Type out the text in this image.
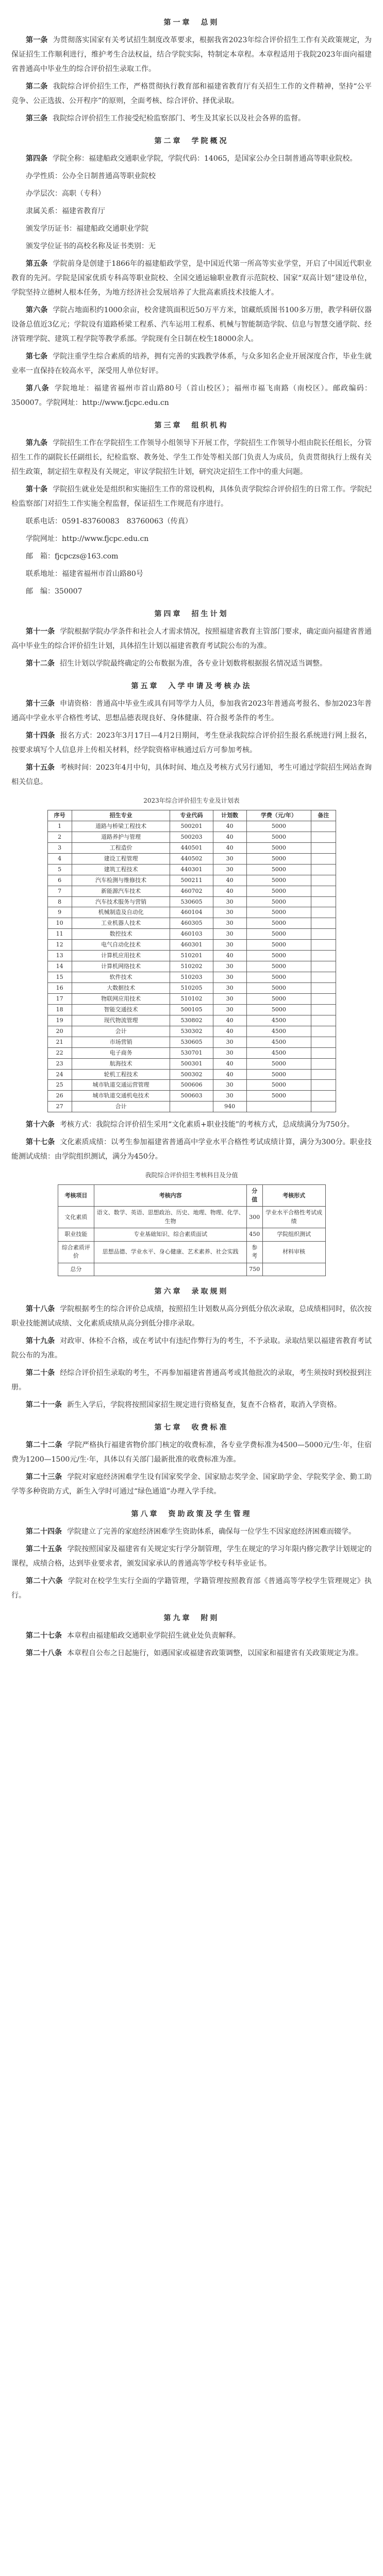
第一章 总则

第一条 为贯彻落实国家有关考试招生制度改革要求，根据我省2023年综合评价招生工作有关政策规定，为保证招生工作顺利进行，维护考生合法权益，结合学院实际，特制定本章程。本章程适用于我院2023年面向福建省普通高中毕业生的综合评价招生录取工作。

第二条 我院综合评价招生工作，严格贯彻执行教育部和福建省教育厅有关招生工作的文件精神，坚持“公平竞争、公正选拔、公开程序”的原则，全面考核、综合评价、择优录取。

第三条 我院综合评价招生工作接受纪检监察部门、考生及其家长以及社会各界的监督。

第二章 学院概况

第四条 学院全称：福建船政交通职业学院，学院代码：14065，是国家公办全日制普通高等职业院校。

办学性质：公办全日制普通高等职业院校

办学层次：高职（专科）

隶属关系：福建省教育厅

颁发学历证书：福建船政交通职业学院

颁发学位证书的高校名称及证书类别：无

第五条 学院前身是创建于1866年的福建船政学堂，是中国近代第一所高等实业学堂，开启了中国近代职业教育的先河。学院是国家优质专科高等职业院校、全国交通运输职业教育示范院校、国家“双高计划”建设单位，学院坚持立德树人根本任务，为地方经济社会发展培养了大批高素质技术技能人才。

第六条 学院占地面积约1000余亩，校舍建筑面积近50万平方米，馆藏纸质图书100多万册，教学科研仪器设备总值近3亿元；学院设有道路桥梁工程系、汽车运用工程系、机械与智能制造学院、信息与智慧交通学院、经济管理学院、建筑工程学院等教学系部。学院现有全日制在校生18000余人。

第七条 学院注重学生综合素质的培养，拥有完善的实践教学体系，与众多知名企业开展深度合作，毕业生就业率一直保持在较高水平，深受用人单位好评。

第八条 学院地址：福建省福州市首山路80号（首山校区）；福州市福飞南路（南校区）。邮政编码：350007。学院网址：http://www.fjcpc.edu.cn

第三章 组织机构

第九条 学院招生工作在学院招生工作领导小组领导下开展工作，学院招生工作领导小组由院长任组长，分管招生工作的副院长任副组长，纪检监察、教务处、学生工作处等相关部门负责人为成员，负责贯彻执行上级有关招生政策，制定招生章程及有关规定，审议学院招生计划，研究决定招生工作中的重大问题。

第十条 学院招生就业处是组织和实施招生工作的常设机构，具体负责学院综合评价招生的日常工作。学院纪检监察部门对招生工作实施全程监督，保证招生工作规范有序进行。

联系电话：0591-83760083　83760063（传真）

学院网址：http://www.fjcpc.edu.cn

邮　箱：fjcpczs@163.com

联系地址：福建省福州市首山路80号

邮　编：350007

第四章 招生计划

第十一条 学院根据学院办学条件和社会人才需求情况，按照福建省教育主管部门要求，确定面向福建省普通高中毕业生的综合评价招生计划，具体招生计划以福建省教育考试院公布的为准。

第十二条 招生计划以学院最终确定的公布数据为准，各专业计划数将根据报名情况适当调整。

第五章 入学申请及考核办法

第十三条 申请资格：普通高中毕业生或具有同等学力人员，参加我省2023年普通高考报名、参加2023年普通高中学业水平合格性考试、思想品德表现良好、身体健康、符合报考条件的考生。

第十四条 报名方式：2023年3月17日—4月2日期间，考生登录我院综合评价招生报名系统进行网上报名，按要求填写个人信息并上传相关材料，经学院资格审核通过后方可参加考核。

第十五条 考核时间：2023年4月中旬，具体时间、地点及考核方式另行通知，考生可通过学院招生网站查询相关信息。

2023年综合评价招生专业及计划表
序号	招生专业	专业代码	计划数	学费（元/年）	备注
1	道路与桥梁工程技术	500201	40	5000	
2	道路养护与管理	500203	40	5000	
3	工程造价	440501	40	5000	
4	建设工程管理	440502	30	5000	
5	建筑工程技术	440301	30	5000	
6	汽车检测与维修技术	500211	40	5000	
7	新能源汽车技术	460702	40	5000	
8	汽车技术服务与营销	530605	30	5000	
9	机械制造及自动化	460104	30	5000	
10	工业机器人技术	460305	30	5000	
11	数控技术	460103	30	5000	
12	电气自动化技术	460301	30	5000	
13	计算机应用技术	510201	40	5000	
14	计算机网络技术	510202	30	5000	
15	软件技术	510203	30	5000	
16	大数据技术	510205	30	5000	
17	物联网应用技术	510102	30	5000	
18	智能交通技术	500105	30	5000	
19	现代物流管理	530802	40	4500	
20	会计	530302	40	4500	
21	市场营销	530605	30	4500	
22	电子商务	530701	30	4500	
23	航海技术	500301	40	5000	
24	轮机工程技术	500302	40	5000	
25	城市轨道交通运营管理	500606	30	5000	
26	城市轨道交通机电技术	500603	30	5000	
27	合计		940		

第十六条 考核方式：我院综合评价招生采用“文化素质+职业技能”的考核方式，总成绩满分为750分。

第十七条 文化素质成绩：以考生参加福建省普通高中学业水平合格性考试成绩计算，满分为300分。职业技能测试成绩：由学院组织测试，满分为450分。

我院综合评价招生考核科目及分值
考核项目	考核内容	分值	考核形式
文化素质	语文、数学、英语、思想政治、历史、地理、物理、化学、生物	300	学业水平合格性考试成绩
职业技能	专业基础知识、综合素质面试	450	学院组织测试
综合素质评价	思想品德、学业水平、身心健康、艺术素养、社会实践	参考	材料审核
总分		750	
第六章 录取规则

第十八条 学院根据考生的综合评价总成绩，按照招生计划数从高分到低分依次录取，总成绩相同时，依次按职业技能测试成绩、文化素质成绩从高分到低分排序录取。

第十九条 对政审、体检不合格，或在考试中有违纪作弊行为的考生，不予录取。录取结果以福建省教育考试院公布的为准。

第二十条 经综合评价招生录取的考生，不再参加福建省普通高考或其他批次的录取，考生须按时到校报到注册。

第二十一条 新生入学后，学院将按照国家招生规定进行资格复查，复查不合格者，取消入学资格。

第七章 收费标准

第二十二条 学院严格执行福建省物价部门核定的收费标准，各专业学费标准为4500—5000元/生·年，住宿费为1200—1500元/生·年，具体以有关部门最新批准的收费标准为准。

第二十三条 学院对家庭经济困难学生设有国家奖学金、国家励志奖学金、国家助学金、学院奖学金、勤工助学等多种资助方式，新生入学时可通过“绿色通道”办理入学手续。

第八章 资助政策及学生管理

第二十四条 学院建立了完善的家庭经济困难学生资助体系，确保每一位学生不因家庭经济困难而辍学。

第二十五条 学院按照国家及福建省有关规定实行学分制管理，学生在规定的学习年限内修完教学计划规定的课程，成绩合格，达到毕业要求者，颁发国家承认的普通高等学校专科毕业证书。

第二十六条 学院对在校学生实行全面的学籍管理，学籍管理按照教育部《普通高等学校学生管理规定》执行。

第九章 附则

第二十七条 本章程由福建船政交通职业学院招生就业处负责解释。

第二十八条 本章程自公布之日起施行，如遇国家或福建省政策调整，以国家和福建省有关政策规定为准。
